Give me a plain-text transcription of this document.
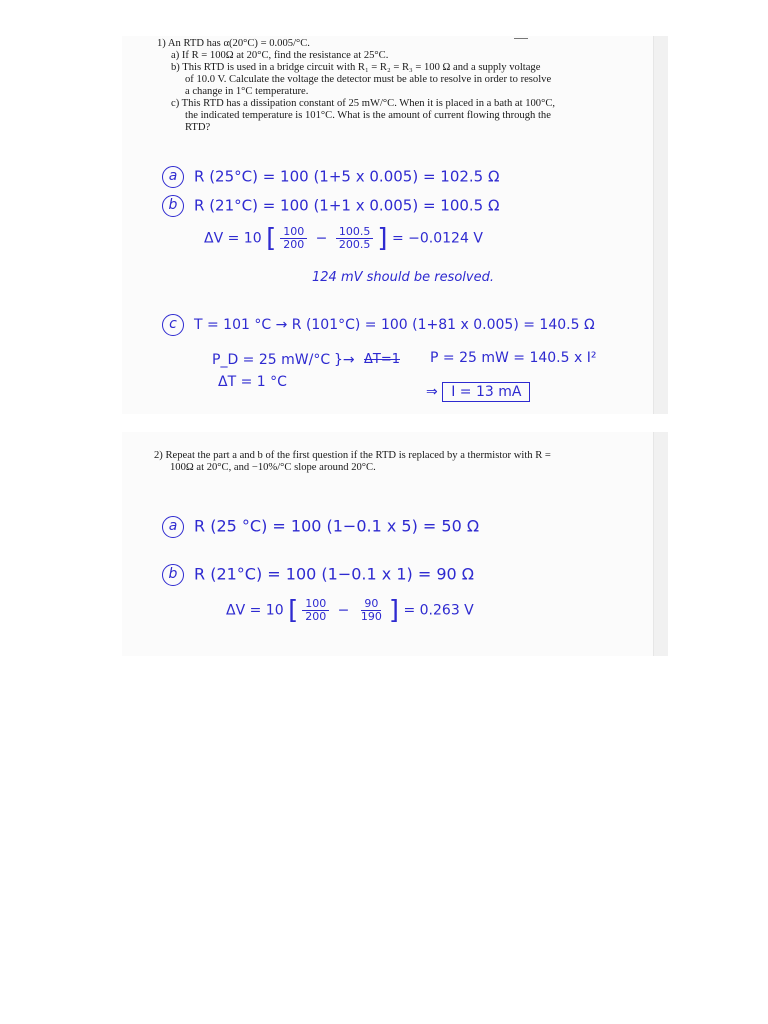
1) An RTD has α(20°C) = 0.005/°C.
a) If R = 100Ω at 20°C, find the resistance at 25°C.
b) This RTD is used in a bridge circuit with R₁ = R₂ = R₃ = 100 Ω and a supply voltage
of 10.0 V. Calculate the voltage the detector must be able to resolve in order to resolve
a change in 1°C temperature.
c) This RTD has a dissipation constant of 25 mW/°C. When it is placed in a bath at 100°C,
the indicated temperature is 101°C. What is the amount of current flowing through the
RTD?
a R (25°C) = 100 (1+5 x 0.005) = 102.5 Ω
b R (21°C) = 100 (1+1 x 0.005) = 100.5 Ω
ΔV = 10 [ $\frac{100}{200} - \frac{100.5}{200.5}$ ] = −0.0124 V
124 mV should be resolved.
c T = 101 °C → R (101°C) = 100 (1+81 x 0.005) = 140.5 Ω
P_D = 25 mW/°C }→ ΔT=1 P = 25 mW = 140.5 x I²
ΔT = 1 °C
⇒ I = 13 mA
2) Repeat the part a and b of the first question if the RTD is replaced by a thermistor with R =
100Ω at 20°C, and −10%/°C slope around 20°C.
a R (25 °C) = 100 (1−0.1 x 5) = 50 Ω
b R (21°C) = 100 (1−0.1 x 1) = 90 Ω
ΔV = 10 [ $\frac{100}{200} - \frac{90}{190}$ ] = 0.263 V
